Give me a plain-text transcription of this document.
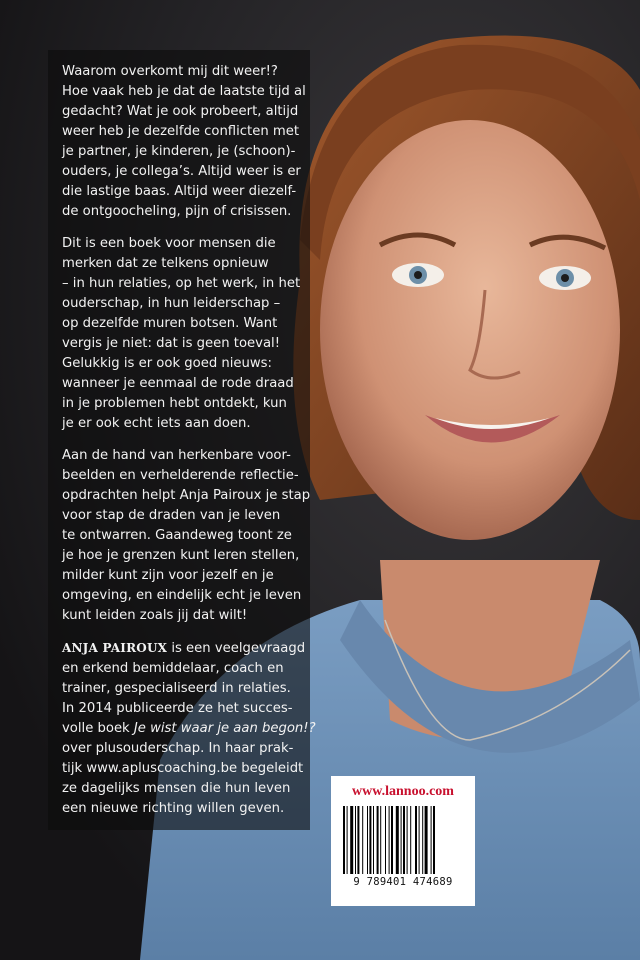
Waarom overkomt mij dit weer!?
Hoe vaak heb je dat de laatste tijd al
gedacht? Wat je ook probeert, altijd
weer heb je dezelfde conflicten met
je partner, je kinderen, je (schoon)-
ouders, je collega’s. Altijd weer is er
die lastige baas. Altijd weer diezelf-
de ontgoocheling, pijn of crisissen.

Dit is een boek voor mensen die
merken dat ze telkens opnieuw
– in hun relaties, op het werk, in het
ouderschap, in hun leiderschap –
op dezelfde muren botsen. Want
vergis je niet: dat is geen toeval!
Gelukkig is er ook goed nieuws:
wanneer je eenmaal de rode draad
in je problemen hebt ontdekt, kun
je er ook echt iets aan doen.

Aan de hand van herkenbare voor-
beelden en verhelderende reflectie-
opdrachten helpt Anja Pairoux je stap
voor stap de draden van je leven
te ontwarren. Gaandeweg toont ze
je hoe je grenzen kunt leren stellen,
milder kunt zijn voor jezelf en je
omgeving, en eindelijk echt je leven
kunt leiden zoals jij dat wilt!

ANJA PAIROUX is een veelgevraagd
en erkend bemiddelaar, coach en
trainer, gespecialiseerd in relaties.
In 2014 publiceerde ze het succes-
volle boek Je wist waar je aan begon!?
over plusouderschap. In haar prak-
tijk www.apluscoaching.be begeleidt
ze dagelijks mensen die hun leven
een nieuwe richting willen geven.

www.lannoo.com
9 789401 474689
